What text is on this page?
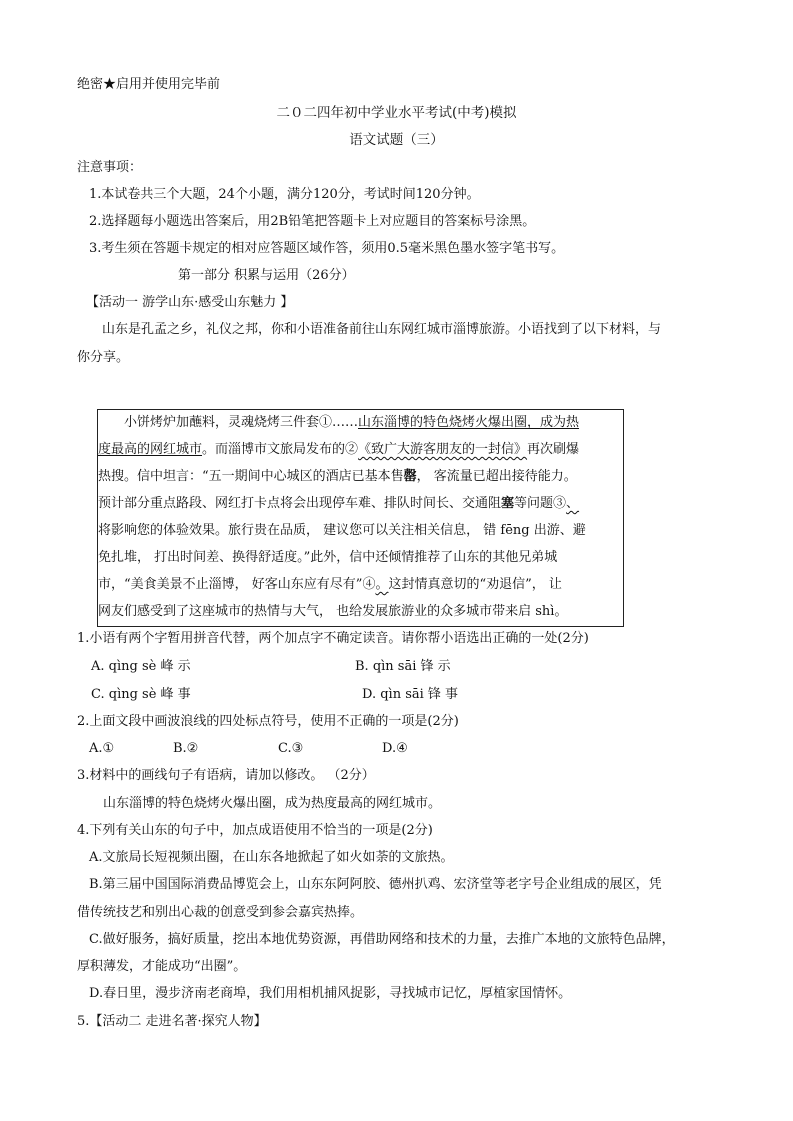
绝密★启用并使用完毕前
二０二四年初中学业水平考试(中考)模拟
语文试题（三）
注意事项：
1.本试卷共三个大题，24个小题，满分120分，考试时间120分钟。
2.选择题每小题选出答案后，用2B铅笔把答题卡上对应题目的答案标号涂黑。
3.考生须在答题卡规定的相对应答题区域作答，须用0.5毫米黑色墨水签字笔书写。
第一部分 积累与运用（26分）
【活动一 游学山东·感受山东魅力 】
山东是孔孟之乡，礼仪之邦，你和小语准备前往山东网红城市淄博旅游。小语找到了以下材料，与
你分享。
小饼烤炉加蘸料，灵魂烧烤三件套①……山东淄博的特色烧烤火爆出圈，成为热
度最高的网红城市。而淄博市文旅局发布的②《致广大游客朋友的一封信》再次刷爆
热搜。信中坦言：“五一期间中心城区的酒店已基本售罄， 客流量已超出接待能力。
预计部分重点路段、网红打卡点将会出现停车难、排队时间长、交通阻塞等问题③、
将影响您的体验效果。旅行贵在品质， 建议您可以关注相关信息， 错 fēng 出游、避
免扎堆， 打出时间差、换得舒适度。”此外，信中还倾情推荐了山东的其他兄弟城
市，“美食美景不止淄博， 好客山东应有尽有”④。这封情真意切的“劝退信”， 让
网友们感受到了这座城市的热情与大气， 也给发展旅游业的众多城市带来启 shì。
1.小语有两个字暂用拼音代替，两个加点字不确定读音。请你帮小语选出正确的一处(2分)
A. qìng sè 峰 示	B. qìn sāi 锋 示
C. qìng sè 峰 事	D. qìn sāi 锋 事
2.上面文段中画波浪线的四处标点符号，使用不正确的一项是(2分)
A.①	B.②	C.③	D.④
3.材料中的画线句子有语病，请加以修改。 （2分）
山东淄博的特色烧烤火爆出圈，成为热度最高的网红城市。
4.下列有关山东的句子中，加点成语使用不恰当的一项是(2分)
A.文旅局长短视频出圈，在山东各地掀起了如火如荼的文旅热。
B.第三届中国国际消费品博览会上，山东东阿阿胶、德州扒鸡、宏济堂等老字号企业组成的展区，凭
借传统技艺和别出心裁的创意受到参会嘉宾热捧。
C.做好服务，搞好质量，挖出本地优势资源，再借助网络和技术的力量，去推广本地的文旅特色品牌，
厚积薄发，才能成功“出圈”。
D.春日里，漫步济南老商埠，我们用相机捕风捉影，寻找城市记忆，厚植家国情怀。
5.【活动二 走进名著·探究人物】
